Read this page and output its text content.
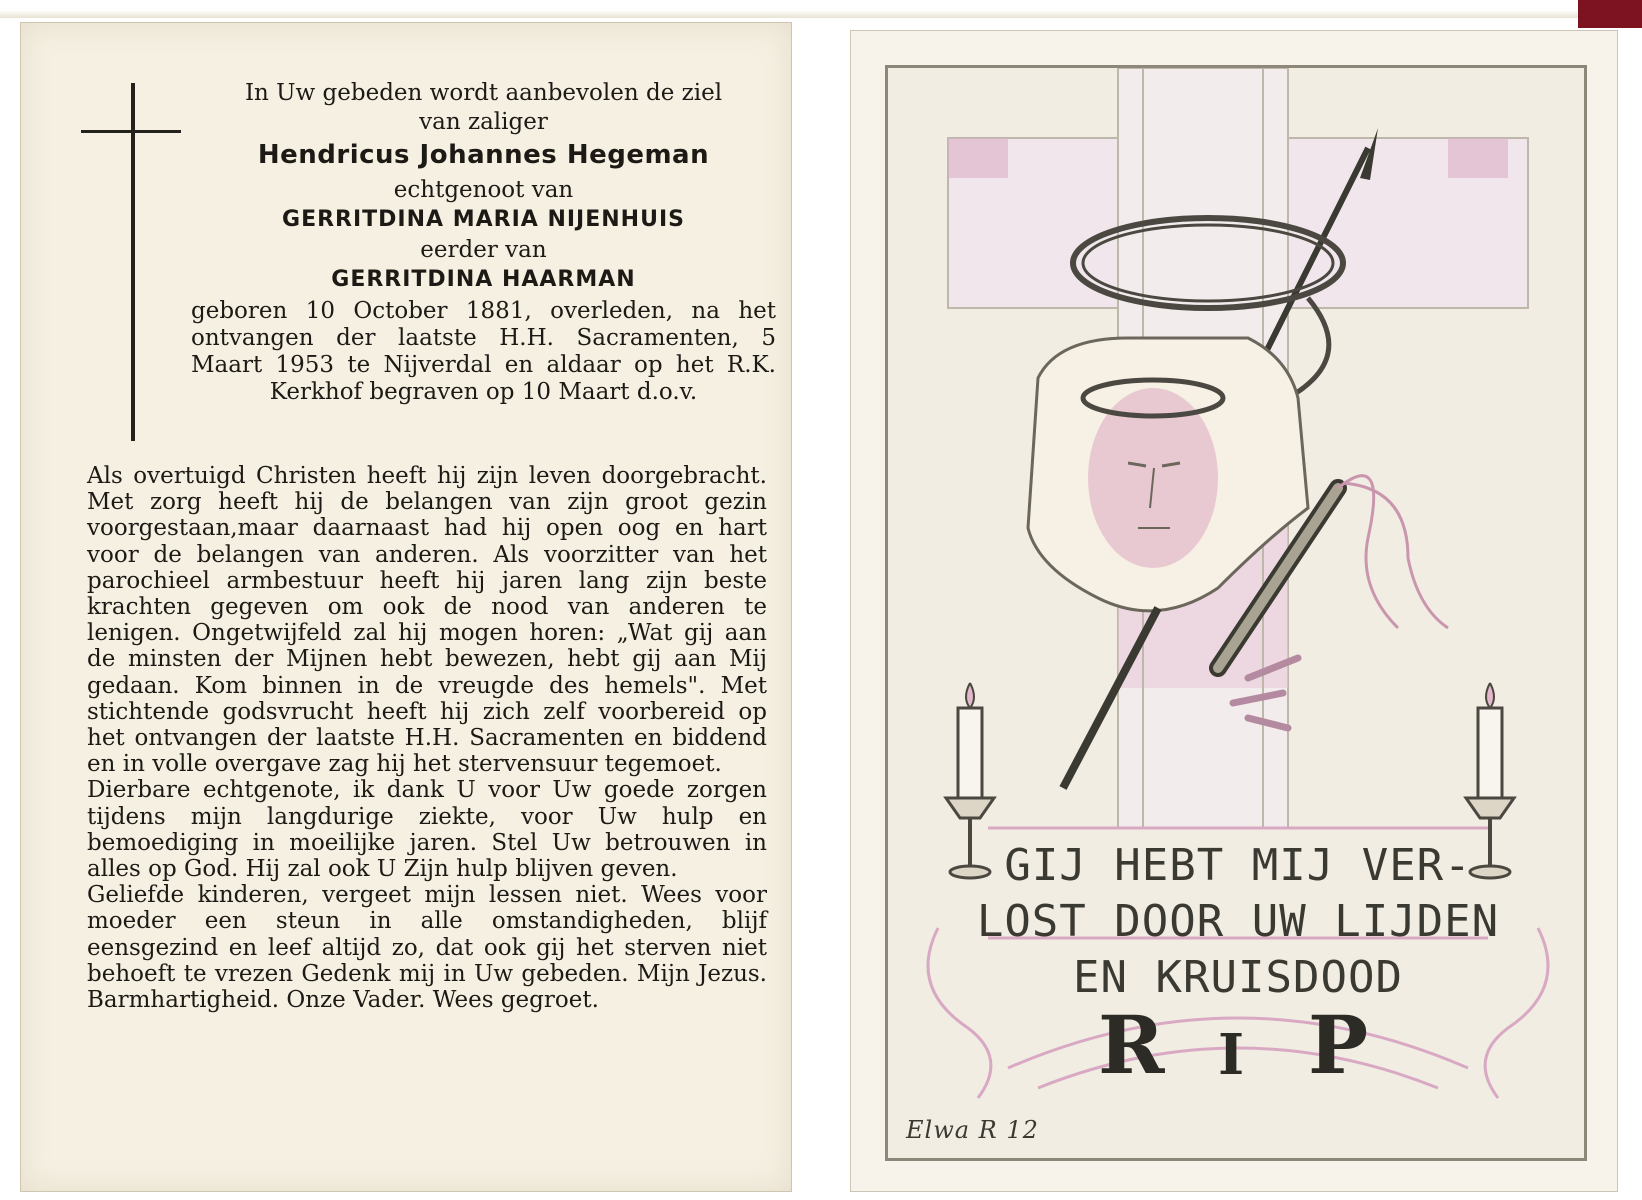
In Uw gebeden wordt aanbevolen de ziel
van zaliger
Hendricus Johannes Hegeman
echtgenoot van
GERRITDINA MARIA NIJENHUIS
eerder van
GERRITDINA HAARMAN
geboren 10 October 1881, overleden, na het ontvangen der laatste H.H. Sacramenten, 5 Maart 1953 te Nijverdal en aldaar op het R.K. Kerkhof begraven op 10 Maart d.o.v.

Als overtuigd Christen heeft hij zijn leven doorgebracht. Met zorg heeft hij de belangen van zijn groot gezin voorgestaan,maar daarnaast had hij open oog en hart voor de belangen van anderen. Als voorzitter van het parochieel armbestuur heeft hij jaren lang zijn beste krachten gegeven om ook de nood van anderen te lenigen. Ongetwijfeld zal hij mogen horen: „Wat gij aan de minsten der Mijnen hebt bewezen, hebt gij aan Mij gedaan. Kom binnen in de vreugde des hemels". Met stichtende godsvrucht heeft hij zich zelf voorbereid op het ontvangen der laatste H.H. Sacramenten en biddend en in volle overgave zag hij het stervensuur tegemoet.

Dierbare echtgenote, ik dank U voor Uw goede zorgen tijdens mijn langdurige ziekte, voor Uw hulp en bemoediging in moeilijke jaren. Stel Uw betrouwen in alles op God. Hij zal ook U Zijn hulp blijven geven.

Geliefde kinderen, vergeet mijn lessen niet. Wees voor moeder een steun in alle omstandigheden, blijf eensgezind en leef altijd zo, dat ook gij het sterven niet behoeft te vrezen Gedenk mij in Uw gebeden. Mijn Jezus. Barmhartigheid. Onze Vader. Wees gegroet.

GIJ HEBT MIJ VER-
LOST DOOR UW LIJDEN
EN KRUISDOOD
R I P
Elwa R 12
